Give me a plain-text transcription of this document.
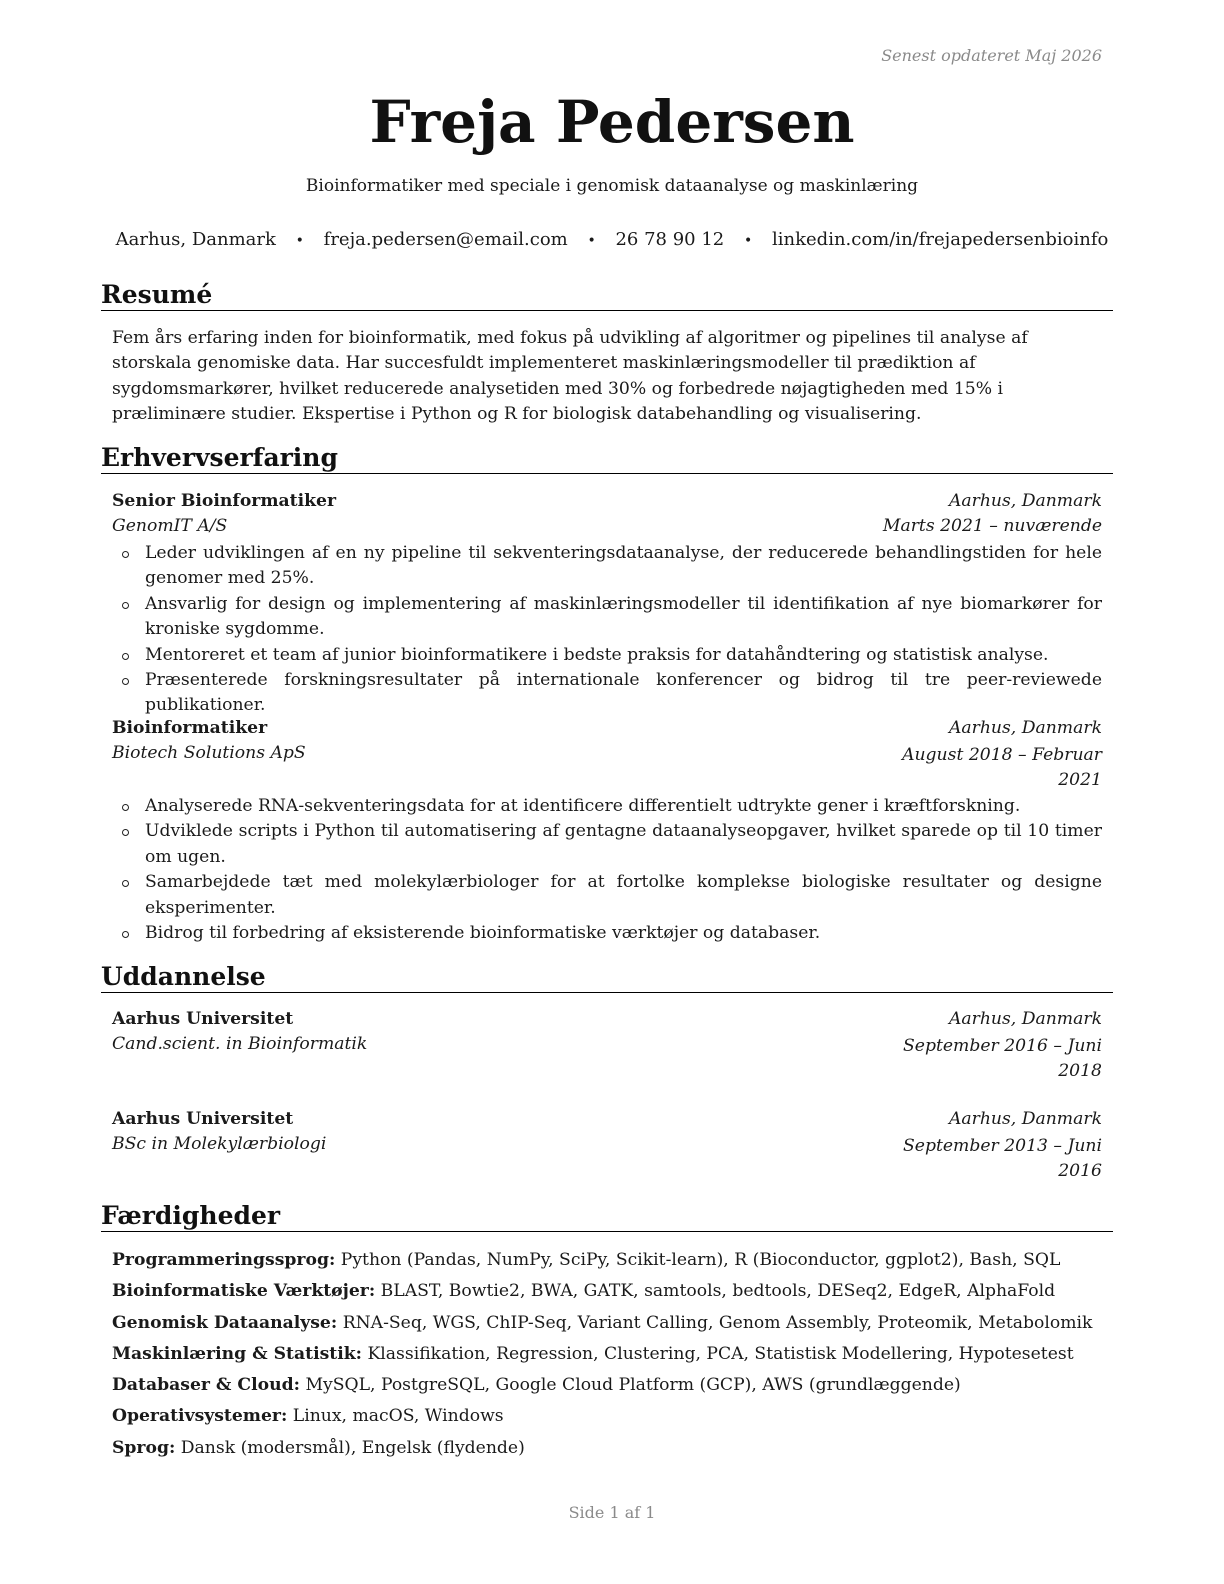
Senest opdateret Maj 2026
Freja Pedersen
Bioinformatiker med speciale i genomisk dataanalyse og maskinlæring
Aarhus, Danmark • freja.pedersen@email.com • 26 78 90 12 • linkedin.com/in/frejapedersenbioinfo
Resumé
Fem års erfaring inden for bioinformatik, med fokus på udvikling af algoritmer og pipelines til analyse af storskala genomiske data. Har succesfuldt implementeret maskinlæringsmodeller til prædiktion af sygdomsmarkører, hvilket reducerede analysetiden med 30% og forbedrede nøjagtigheden med 15% i præliminære studier. Ekspertise i Python og R for biologisk databehandling og visualisering.
Erhvervserfaring
Senior Bioinformatiker	Aarhus, Danmark
GenomIT A/S	Marts 2021 – nuværende
Leder udviklingen af en ny pipeline til sekventeringsdataanalyse, der reducerede behandlingstiden for hele genomer med 25%.
Ansvarlig for design og implementering af maskinlæringsmodeller til identifikation af nye biomarkører for kroniske sygdomme.
Mentoreret et team af junior bioinformatikere i bedste praksis for datahåndtering og statistisk analyse.
Præsenterede forskningsresultater på internationale konferencer og bidrog til tre peer-reviewede publikationer.
Bioinformatiker	Aarhus, Danmark
Biotech Solutions ApS	August 2018 – Februar 2021
Analyserede RNA-sekventeringsdata for at identificere differentielt udtrykte gener i kræftforskning.
Udviklede scripts i Python til automatisering af gentagne dataanalyseopgaver, hvilket sparede op til 10 timer om ugen.
Samarbejdede tæt med molekylærbiologer for at fortolke komplekse biologiske resultater og designe eksperimenter.
Bidrog til forbedring af eksisterende bioinformatiske værktøjer og databaser.
Uddannelse
Aarhus Universitet	Aarhus, Danmark
Cand.scient. in Bioinformatik	September 2016 – Juni 2018
Aarhus Universitet	Aarhus, Danmark
BSc in Molekylærbiologi	September 2013 – Juni 2016
Færdigheder
Programmeringssprog: Python (Pandas, NumPy, SciPy, Scikit-learn), R (Bioconductor, ggplot2), Bash, SQL
Bioinformatiske Værktøjer: BLAST, Bowtie2, BWA, GATK, samtools, bedtools, DESeq2, EdgeR, AlphaFold
Genomisk Dataanalyse: RNA-Seq, WGS, ChIP-Seq, Variant Calling, Genom Assembly, Proteomik, Metabolomik
Maskinlæring & Statistik: Klassifikation, Regression, Clustering, PCA, Statistisk Modellering, Hypotesetest
Databaser & Cloud: MySQL, PostgreSQL, Google Cloud Platform (GCP), AWS (grundlæggende)
Operativsystemer: Linux, macOS, Windows
Sprog: Dansk (modersmål), Engelsk (flydende)
Side 1 af 1
